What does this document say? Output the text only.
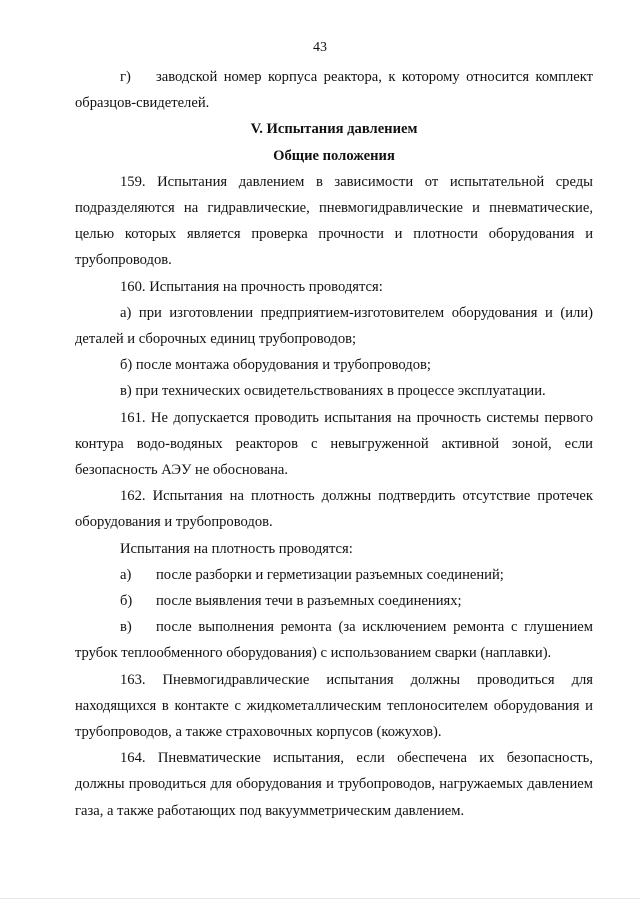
43
г)	заводской номер корпуса реактора, к которому относится комплект

образцов-свидетелей.

V. Испытания давлением

Общие положения

159. Испытания давлением в зависимости от испытательной среды подразделяются на гидравлические, пневмогидравлические и пневматические, целью которых является проверка прочности и плотности оборудования и трубопроводов.

160. Испытания на прочность проводятся:

а) при изготовлении предприятием-изготовителем оборудования и (или) деталей и сборочных единиц трубопроводов;

б) после монтажа оборудования и трубопроводов;

в) при технических освидетельствованиях в процессе эксплуатации.

161. Не допускается проводить испытания на прочность системы первого контура водо-водяных реакторов с невыгруженной активной зоной, если безопасность АЭУ не обоснована.

162. Испытания на плотность должны подтвердить отсутствие протечек оборудования и трубопроводов.

Испытания на плотность проводятся:

а)	после разборки и герметизации разъемных соединений;
б)	после выявления течи в разъемных соединениях;
в)	после выполнения ремонта (за исключением ремонта с глушением

трубок теплообменного оборудования) с использованием сварки (наплавки).

163. Пневмогидравлические испытания должны проводиться для

находящихся в контакте с жидкометаллическим теплоносителем оборудования и трубопроводов, а также страховочных корпусов (кожухов).

164. Пневматические испытания, если обеспечена их безопасность, должны проводиться для оборудования и трубопроводов, нагружаемых давлением газа, а также работающих под вакуумметрическим давлением.
